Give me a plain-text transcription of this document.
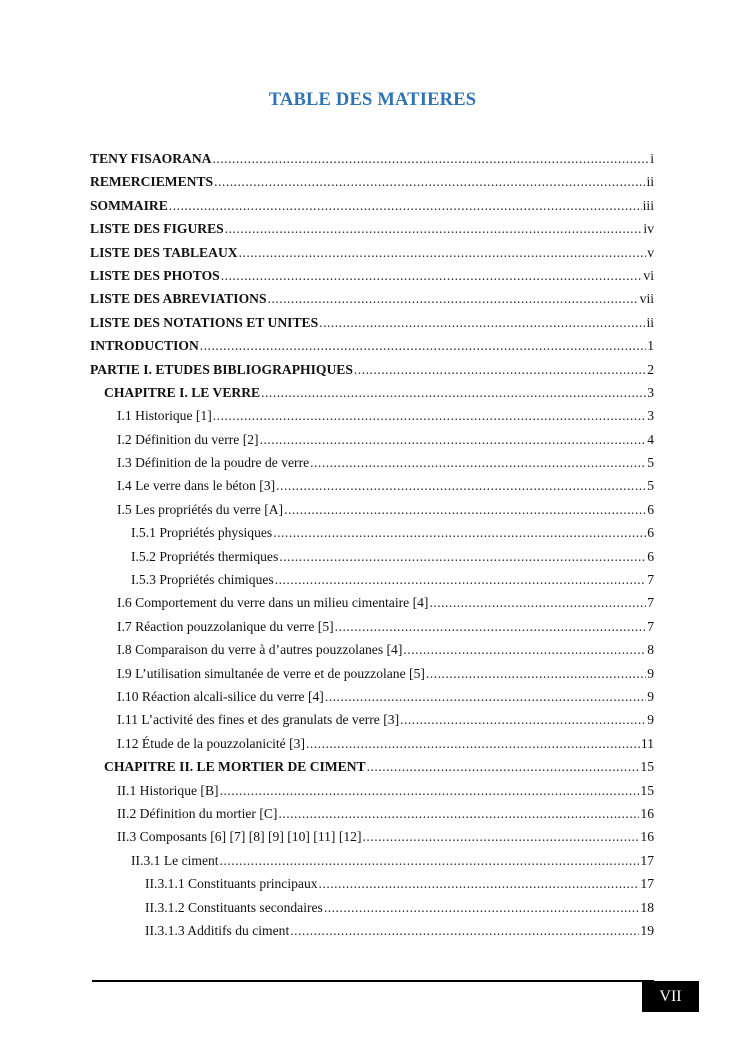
TABLE DES MATIERES
TENY FISAORANA .....	i
REMERCIEMENTS .....	ii
SOMMAIRE .....	iii
LISTE DES FIGURES .....	iv
LISTE DES TABLEAUX .....	v
LISTE DES PHOTOS .....	vi
LISTE DES ABREVIATIONS .....	vii
LISTE DES NOTATIONS ET UNITES .....	ii
INTRODUCTION .....	1
PARTIE I. ETUDES BIBLIOGRAPHIQUES .....	2
CHAPITRE I. LE VERRE .....	3
I.1 Historique [1] .....	3
I.2 Définition du verre [2] .....	4
I.3 Définition de la poudre de verre .....	5
I.4 Le verre dans le béton [3] .....	5
I.5 Les propriétés du verre [A] .....	6
I.5.1 Propriétés physiques .....	6
I.5.2 Propriétés thermiques .....	6
I.5.3 Propriétés chimiques .....	7
I.6 Comportement du verre dans un milieu cimentaire [4] .....	7
I.7 Réaction pouzzolanique du verre [5] .....	7
I.8 Comparaison du verre à d’autres pouzzolanes [4] .....	8
I.9 L’utilisation simultanée de verre et de pouzzolane [5] .....	9
I.10 Réaction alcali-silice du verre [4] .....	9
I.11 L’activité des fines et des granulats de verre [3] .....	9
I.12 Étude de la pouzzolanicité [3] .....	11
CHAPITRE II. LE MORTIER DE CIMENT .....	15
II.1 Historique [B] .....	15
II.2 Définition du mortier [C] .....	16
II.3 Composants [6] [7] [8] [9] [10] [11] [12] .....	16
II.3.1 Le ciment .....	17
II.3.1.1 Constituants principaux .....	17
II.3.1.2 Constituants secondaires .....	18
II.3.1.3 Additifs du ciment .....	19
VII
